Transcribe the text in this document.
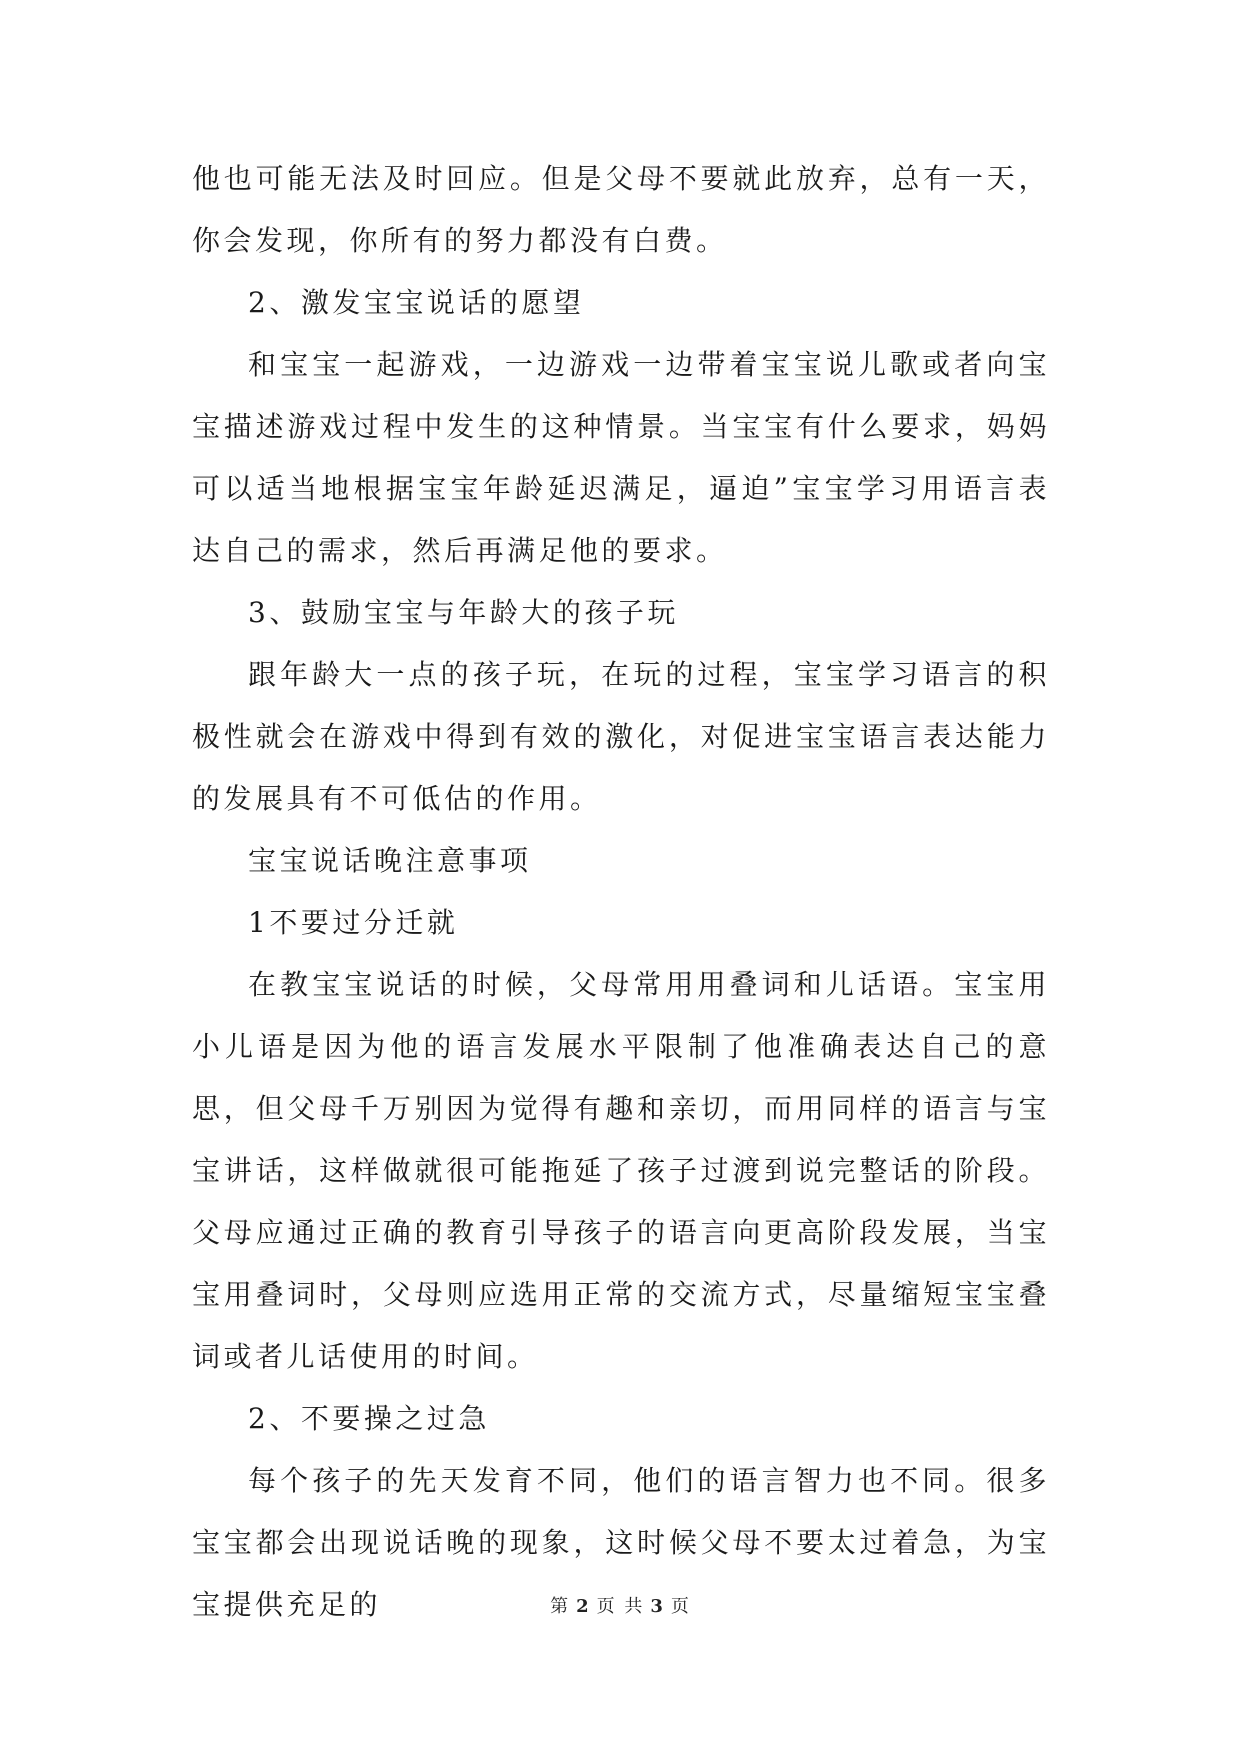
他也可能无法及时回应。但是父母不要就此放弃，总有一天，你会发现，你所有的努力都没有白费。

2、激发宝宝说话的愿望

和宝宝一起游戏，一边游戏一边带着宝宝说儿歌或者向宝宝描述游戏过程中发生的这种情景。当宝宝有什么要求，妈妈可以适当地根据宝宝年龄延迟满足，逼迫”宝宝学习用语言表达自己的需求，然后再满足他的要求。

3、鼓励宝宝与年龄大的孩子玩

跟年龄大一点的孩子玩，在玩的过程，宝宝学习语言的积极性就会在游戏中得到有效的激化，对促进宝宝语言表达能力的发展具有不可低估的作用。

宝宝说话晚注意事项

1不要过分迁就

在教宝宝说话的时候，父母常用用叠词和儿话语。宝宝用小儿语是因为他的语言发展水平限制了他准确表达自己的意思，但父母千万别因为觉得有趣和亲切，而用同样的语言与宝宝讲话，这样做就很可能拖延了孩子过渡到说完整话的阶段。父母应通过正确的教育引导孩子的语言向更高阶段发展，当宝宝用叠词时，父母则应选用正常的交流方式，尽量缩短宝宝叠词或者儿话使用的时间。

2、不要操之过急

每个孩子的先天发育不同，他们的语言智力也不同。很多宝宝都会出现说话晚的现象，这时候父母不要太过着急，为宝宝提供充足的	第 2 页 共 3 页
